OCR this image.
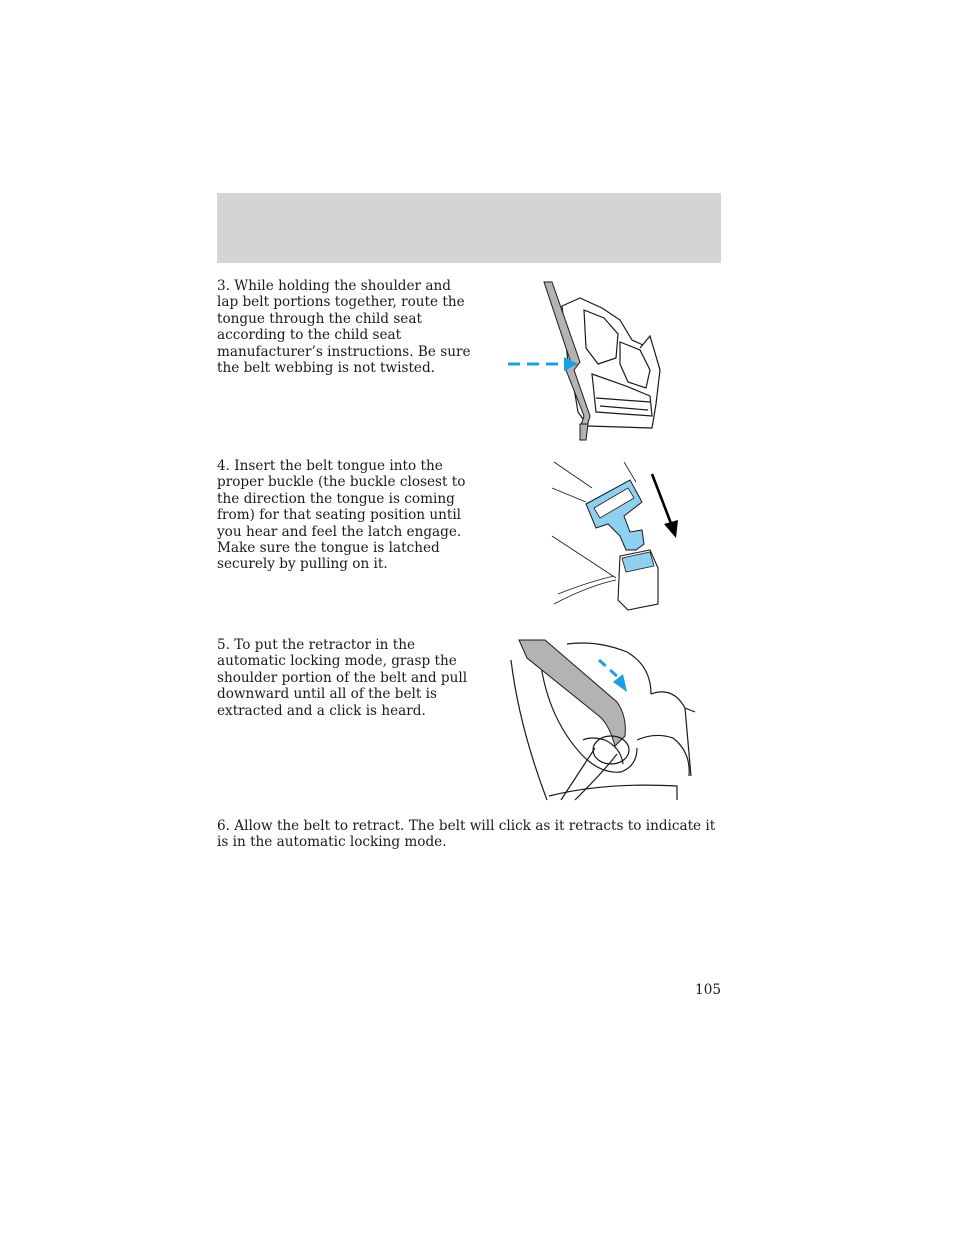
3. While holding the shoulder and lap belt portions together, route the tongue through the child seat according to the child seat manufacturer’s instructions. Be sure the belt webbing is not twisted.

4. Insert the belt tongue into the proper buckle (the buckle closest to the direction the tongue is coming from) for that seating position until you hear and feel the latch engage. Make sure the tongue is latched securely by pulling on it.

5. To put the retractor in the automatic locking mode, grasp the shoulder portion of the belt and pull downward until all of the belt is extracted and a click is heard.

6. Allow the belt to retract. The belt will click as it retracts to indicate it is in the automatic locking mode.

105
